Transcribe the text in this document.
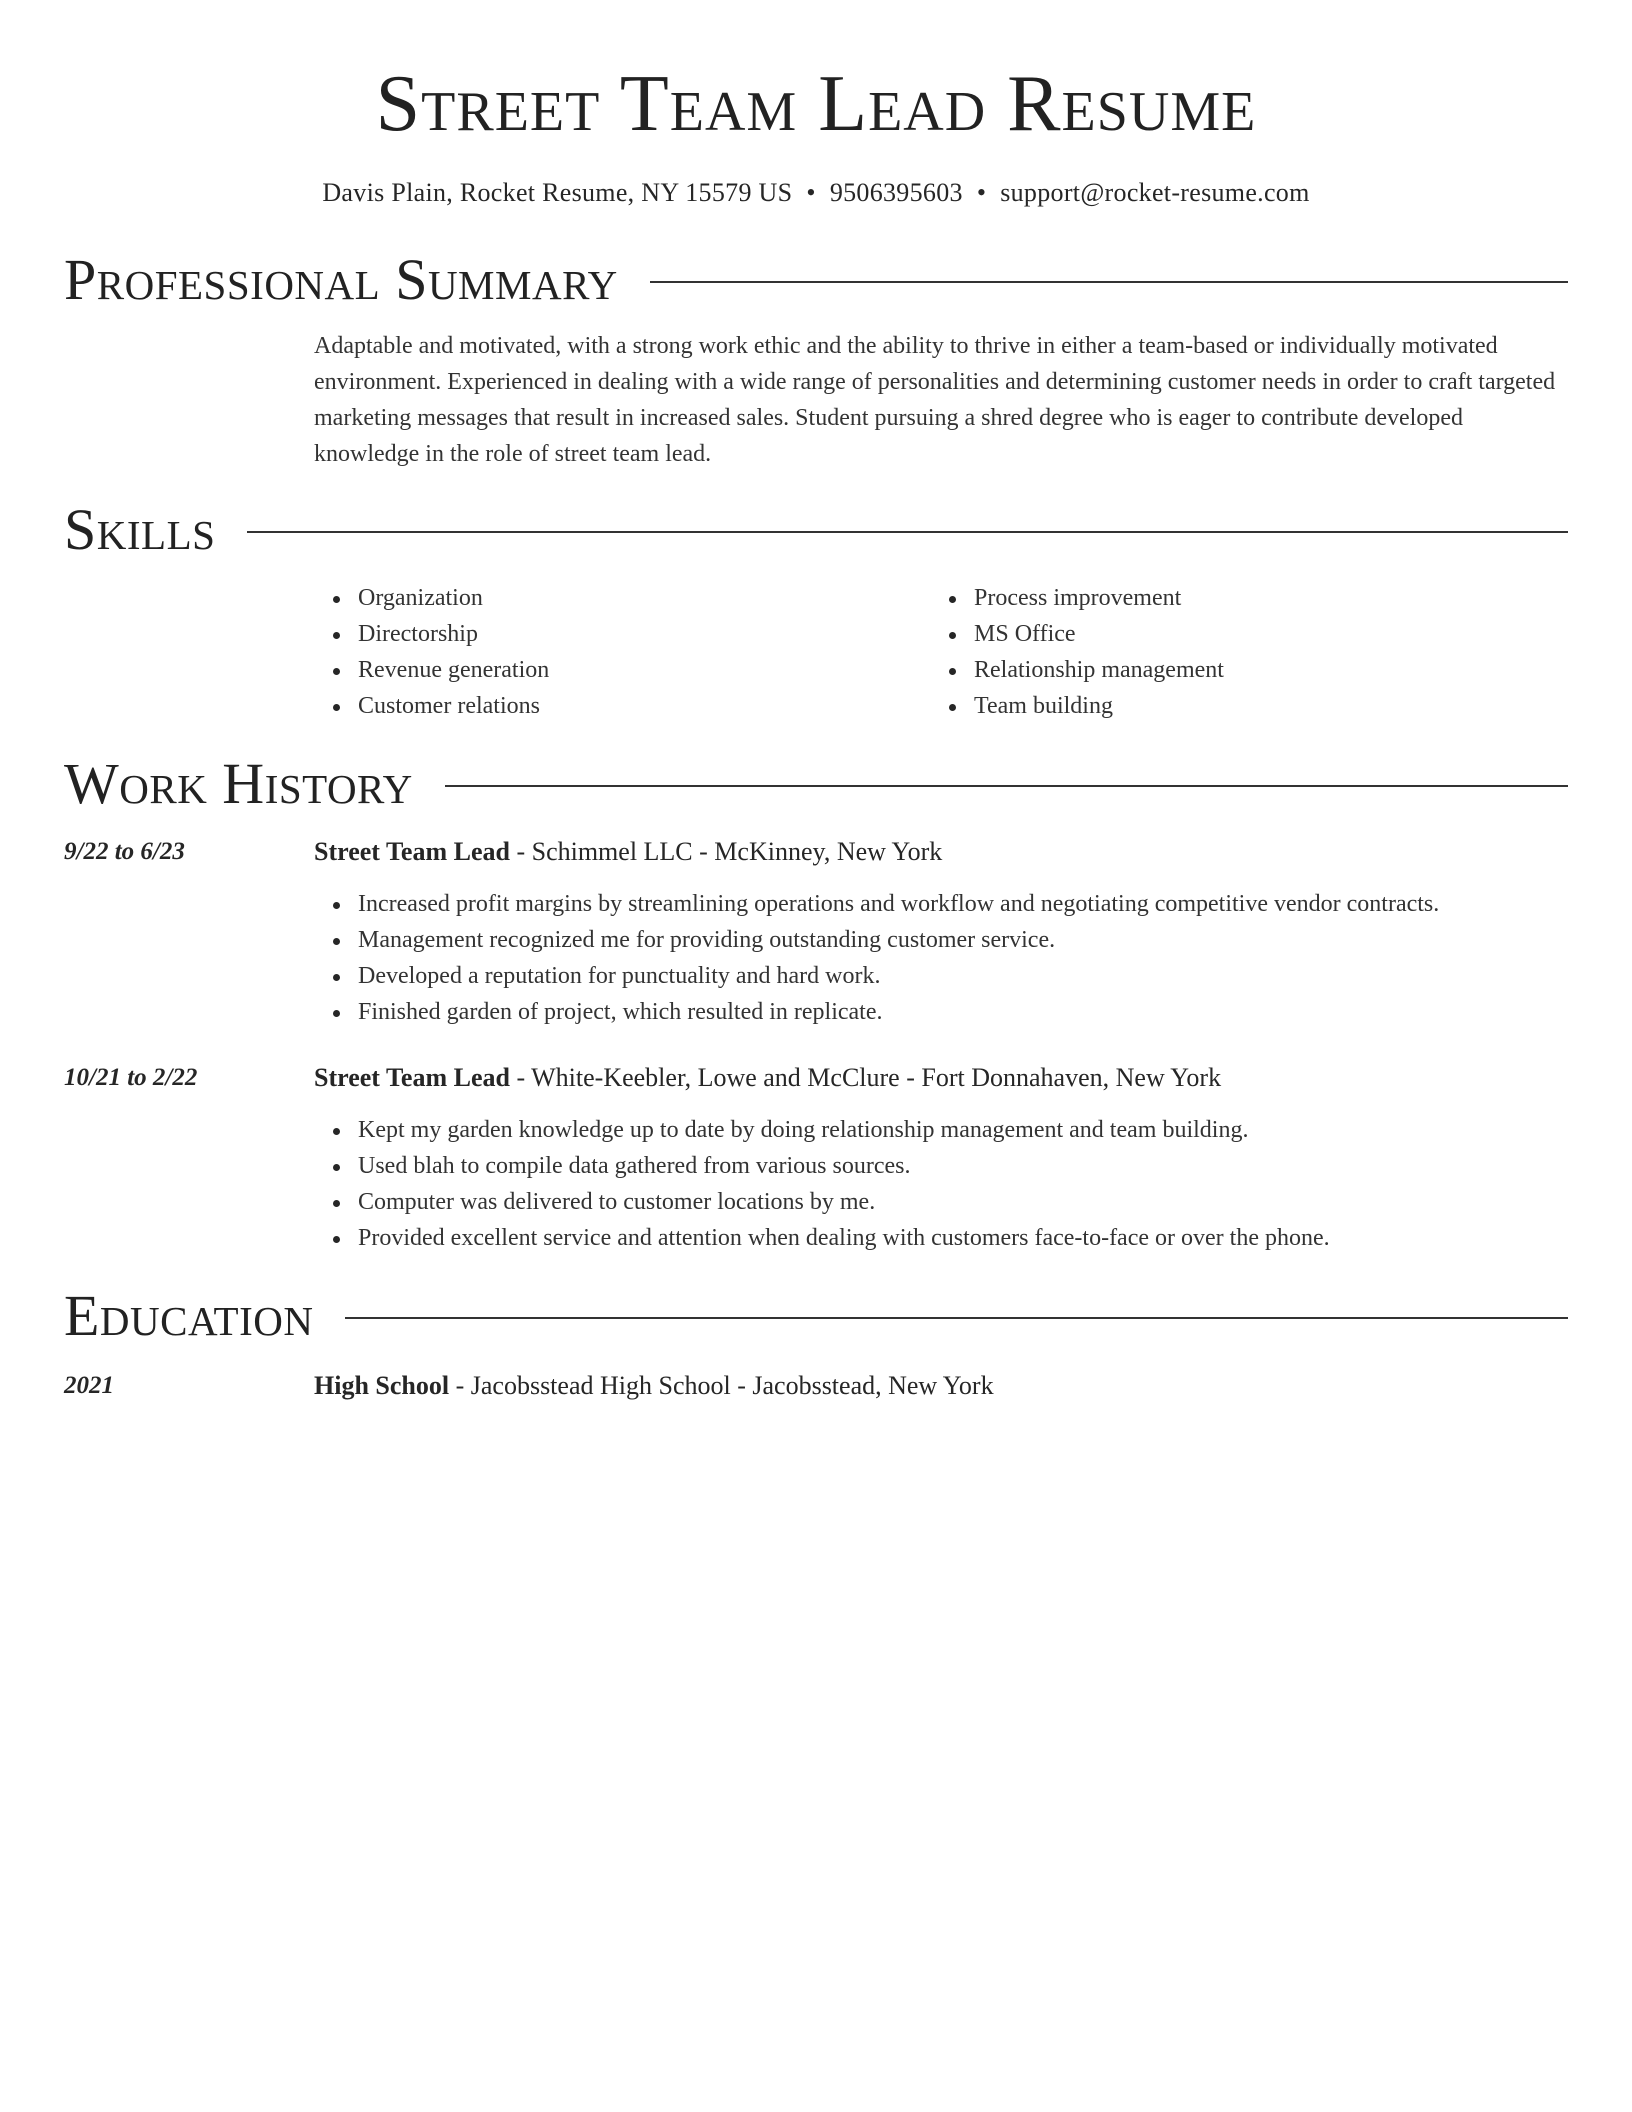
Street Team Lead Resume
Davis Plain, Rocket Resume, NY 15579 US • 9506395603 • support@rocket-resume.com
Professional Summary

Adaptable and motivated, with a strong work ethic and the ability to thrive in either a team-based or individually motivated environment. Experienced in dealing with a wide range of personalities and determining customer needs in order to craft targeted marketing messages that result in increased sales. Student pursuing a shred degree who is eager to contribute developed knowledge in the role of street team lead.

Skills
Organization
Directorship
Revenue generation
Customer relations
Process improvement
MS Office
Relationship management
Team building
Work History
9/22 to 6/23	Street Team Lead - Schimmel LLC - McKinney, New York
Increased profit margins by streamlining operations and workflow and negotiating competitive vendor contracts.
Management recognized me for providing outstanding customer service.
Developed a reputation for punctuality and hard work.
Finished garden of project, which resulted in replicate.
10/21 to 2/22	Street Team Lead - White-Keebler, Lowe and McClure - Fort Donnahaven, New York
Kept my garden knowledge up to date by doing relationship management and team building.
Used blah to compile data gathered from various sources.
Computer was delivered to customer locations by me.
Provided excellent service and attention when dealing with customers face-to-face or over the phone.
Education
2021	High School - Jacobsstead High School - Jacobsstead, New York
